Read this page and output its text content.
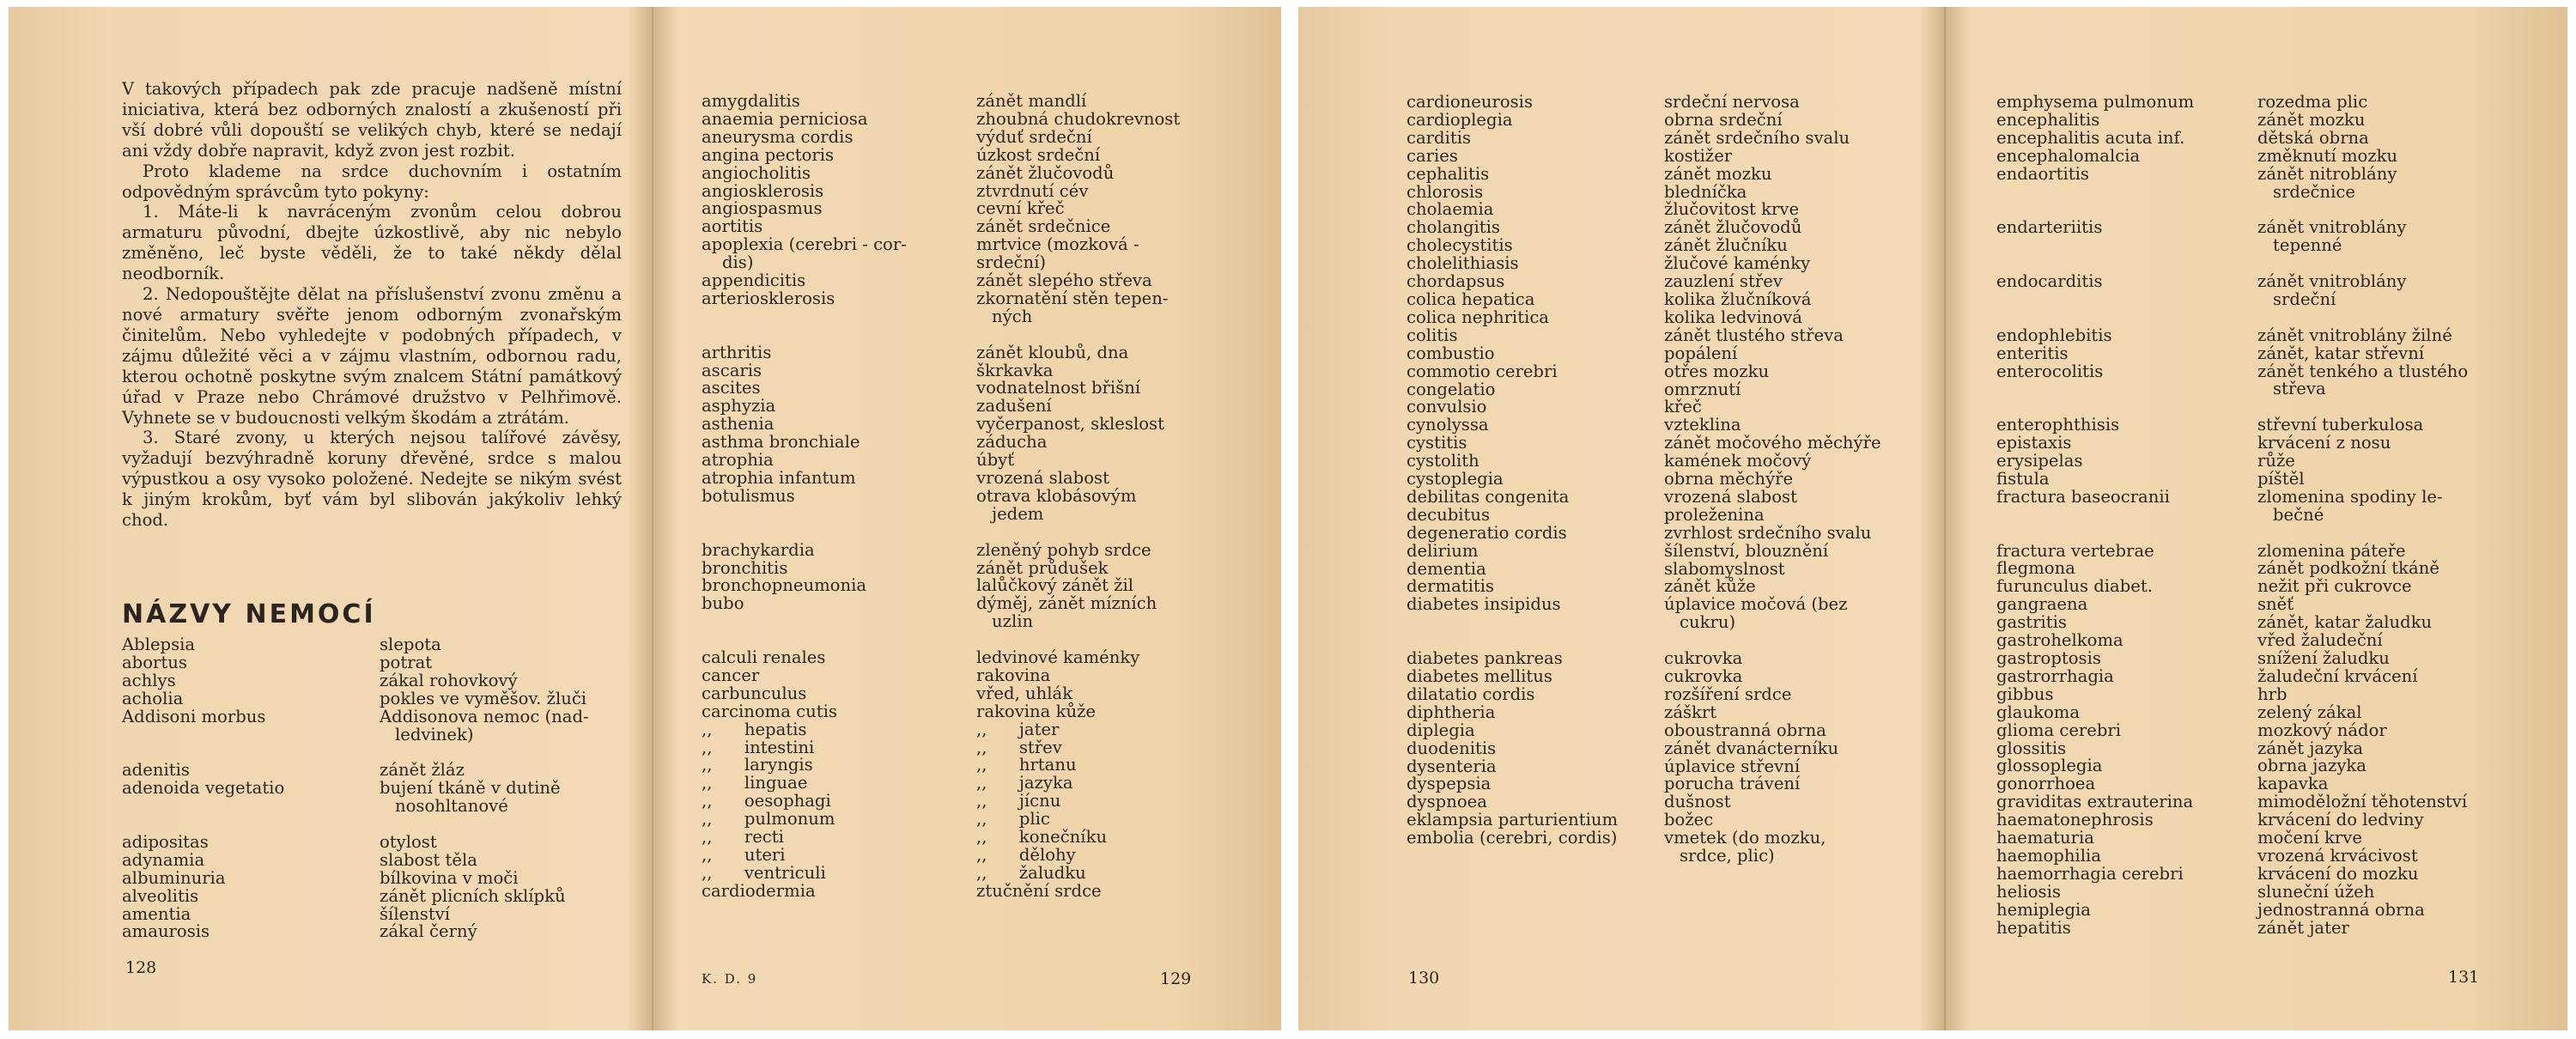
V takových případech pak zde pracuje nadšeně místní iniciativa, která bez odborných znalostí a zkušeností při vší dobré vůli dopouští se velikých chyb, které se nedají ani vždy dobře napravit, když zvon jest rozbit.

Proto klademe na srdce duchovním i ostatním odpovědným správcům tyto pokyny:

1. Máte-li k navráceným zvonům celou dobrou armaturu původní, dbejte úzkostlivě, aby nic nebylo změněno, leč byste věděli, že to také někdy dělal neodborník.

2. Nedopouštějte dělat na příslušenství zvonu změnu a nové armatury svěřte jenom odborným zvonařským činitelům. Nebo vyhledejte v podobných případech, v zájmu důležité věci a v zájmu vlastním, odbornou radu, kterou ochotně poskytne svým znalcem Státní památkový úřad v Praze nebo Chrámové družstvo v Pelhřimově. Vyhnete se v budoucnosti velkým škodám a ztrátám.

3. Staré zvony, u kterých nejsou talířové závěsy, vyžadují bezvýhradně koruny dřevěné, srdce s malou výpustkou a osy vysoko položené. Nedejte se nikým svést k jiným krokům, byť vám byl slibován jakýkoliv lehký chod.

NÁZVY NEMOCÍ
Ablepsia	slepota
abortus	potrat
achlys	zákal rohovkový
acholia	pokles ve vyměšov. žluči
Addisoni morbus	Addisonova nemoc (nad-
ledvinek)
adenitis	zánět žláz
adenoida vegetatio	bujení tkáně v dutině
nosohltanové
adipositas	otylost
adynamia	slabost těla
albuminuria	bílkovina v moči
alveolitis	zánět plicních sklípků
amentia	šílenství
amaurosis	zákal černý
128
amygdalitis	zánět mandlí
anaemia perniciosa	zhoubná chudokrevnost
aneurysma cordis	výduť srdeční
angina pectoris	úzkost srdeční
angiocholitis	zánět žlučovodů
angiosklerosis	ztvrdnutí cév
angiospasmus	cevní křeč
aortitis	zánět srdečnice
apoplexia (cerebri - cor-	mrtvice (mozková -
dis)	srdeční)
appendicitis	zánět slepého střeva
arteriosklerosis	zkornatění stěn tepen-
ných
arthritis	zánět kloubů, dna
ascaris	škrkavka
ascites	vodnatelnost břišní
asphyzia	zadušení
asthenia	vyčerpanost, skleslost
asthma bronchiale	záducha
atrophia	úbyť
atrophia infantum	vrozená slabost
botulismus	otrava klobásovým
jedem
brachykardia	zleněný pohyb srdce
bronchitis	zánět průdušek
bronchopneumonia	lalůčkový zánět žil
bubo	dýměj, zánět mízních
uzlin
calculi renales	ledvinové kaménky
cancer	rakovina
carbunculus	vřed, uhlák
carcinoma cutis	rakovina kůže
,,      hepatis	,,      jater
,,      intestini	,,      střev
,,      laryngis	,,      hrtanu
,,      linguae	,,      jazyka
,,      oesophagi	,,      jícnu
,,      pulmonum	,,      plic
,,      recti	,,      konečníku
,,      uteri	,,      dělohy
,,      ventriculi	,,      žaludku
cardiodermia	ztučnění srdce
K. D. 9	129
cardioneurosis	srdeční nervosa
cardioplegia	obrna srdeční
carditis	zánět srdečního svalu
caries	kostižer
cephalitis	zánět mozku
chlorosis	bledníčka
cholaemia	žlučovitost krve
cholangitis	zánět žlučovodů
cholecystitis	zánět žlučníku
cholelithiasis	žlučové kaménky
chordapsus	zauzlení střev
colica hepatica	kolika žlučníková
colica nephritica	kolika ledvinová
colitis	zánět tlustého střeva
combustio	popálení
commotio cerebri	otřes mozku
congelatio	omrznutí
convulsio	křeč
cynolyssa	vzteklina
cystitis	zánět močového měchýře
cystolith	kamének močový
cystoplegia	obrna měchýře
debilitas congenita	vrozená slabost
decubitus	proleženina
degeneratio cordis	zvrhlost srdečního svalu
delirium	šílenství, blouznění
dementia	slabomyslnost
dermatitis	zánět kůže
diabetes insipidus	úplavice močová (bez
cukru)
diabetes pankreas	cukrovka
diabetes mellitus	cukrovka
dilatatio cordis	rozšíření srdce
diphtheria	záškrt
diplegia	oboustranná obrna
duodenitis	zánět dvanácterníku
dysenteria	úplavice střevní
dyspepsia	porucha trávení
dyspnoea	dušnost
eklampsia parturientium	božec
embolia (cerebri, cordis)	vmetek (do mozku,
srdce, plic)
130
emphysema pulmonum	rozedma plic
encephalitis	zánět mozku
encephalitis acuta inf.	dětská obrna
encephalomalcia	změknutí mozku
endaortitis	zánět nitroblány
srdečnice
endarteriitis	zánět vnitroblány
tepenné
endocarditis	zánět vnitroblány
srdeční
endophlebitis	zánět vnitroblány žilné
enteritis	zánět, katar střevní
enterocolitis	zánět tenkého a tlustého
střeva
enterophthisis	střevní tuberkulosa
epistaxis	krvácení z nosu
erysipelas	růže
fistula	píštěl
fractura baseocranii	zlomenina spodiny le-
bečné
fractura vertebrae	zlomenina páteře
flegmona	zánět podkožní tkáně
furunculus diabet.	nežit při cukrovce
gangraena	sněť
gastritis	zánět, katar žaludku
gastrohelkoma	vřed žaludeční
gastroptosis	snížení žaludku
gastrorrhagia	žaludeční krvácení
gibbus	hrb
glaukoma	zelený zákal
glioma cerebri	mozkový nádor
glossitis	zánět jazyka
glossoplegia	obrna jazyka
gonorrhoea	kapavka
graviditas extrauterina	mimoděložní těhotenství
haematonephrosis	krvácení do ledviny
haematuria	močení krve
haemophilia	vrozená krvácivost
haemorrhagia cerebri	krvácení do mozku
heliosis	sluneční úžeh
hemiplegia	jednostranná obrna
hepatitis	zánět jater
131
